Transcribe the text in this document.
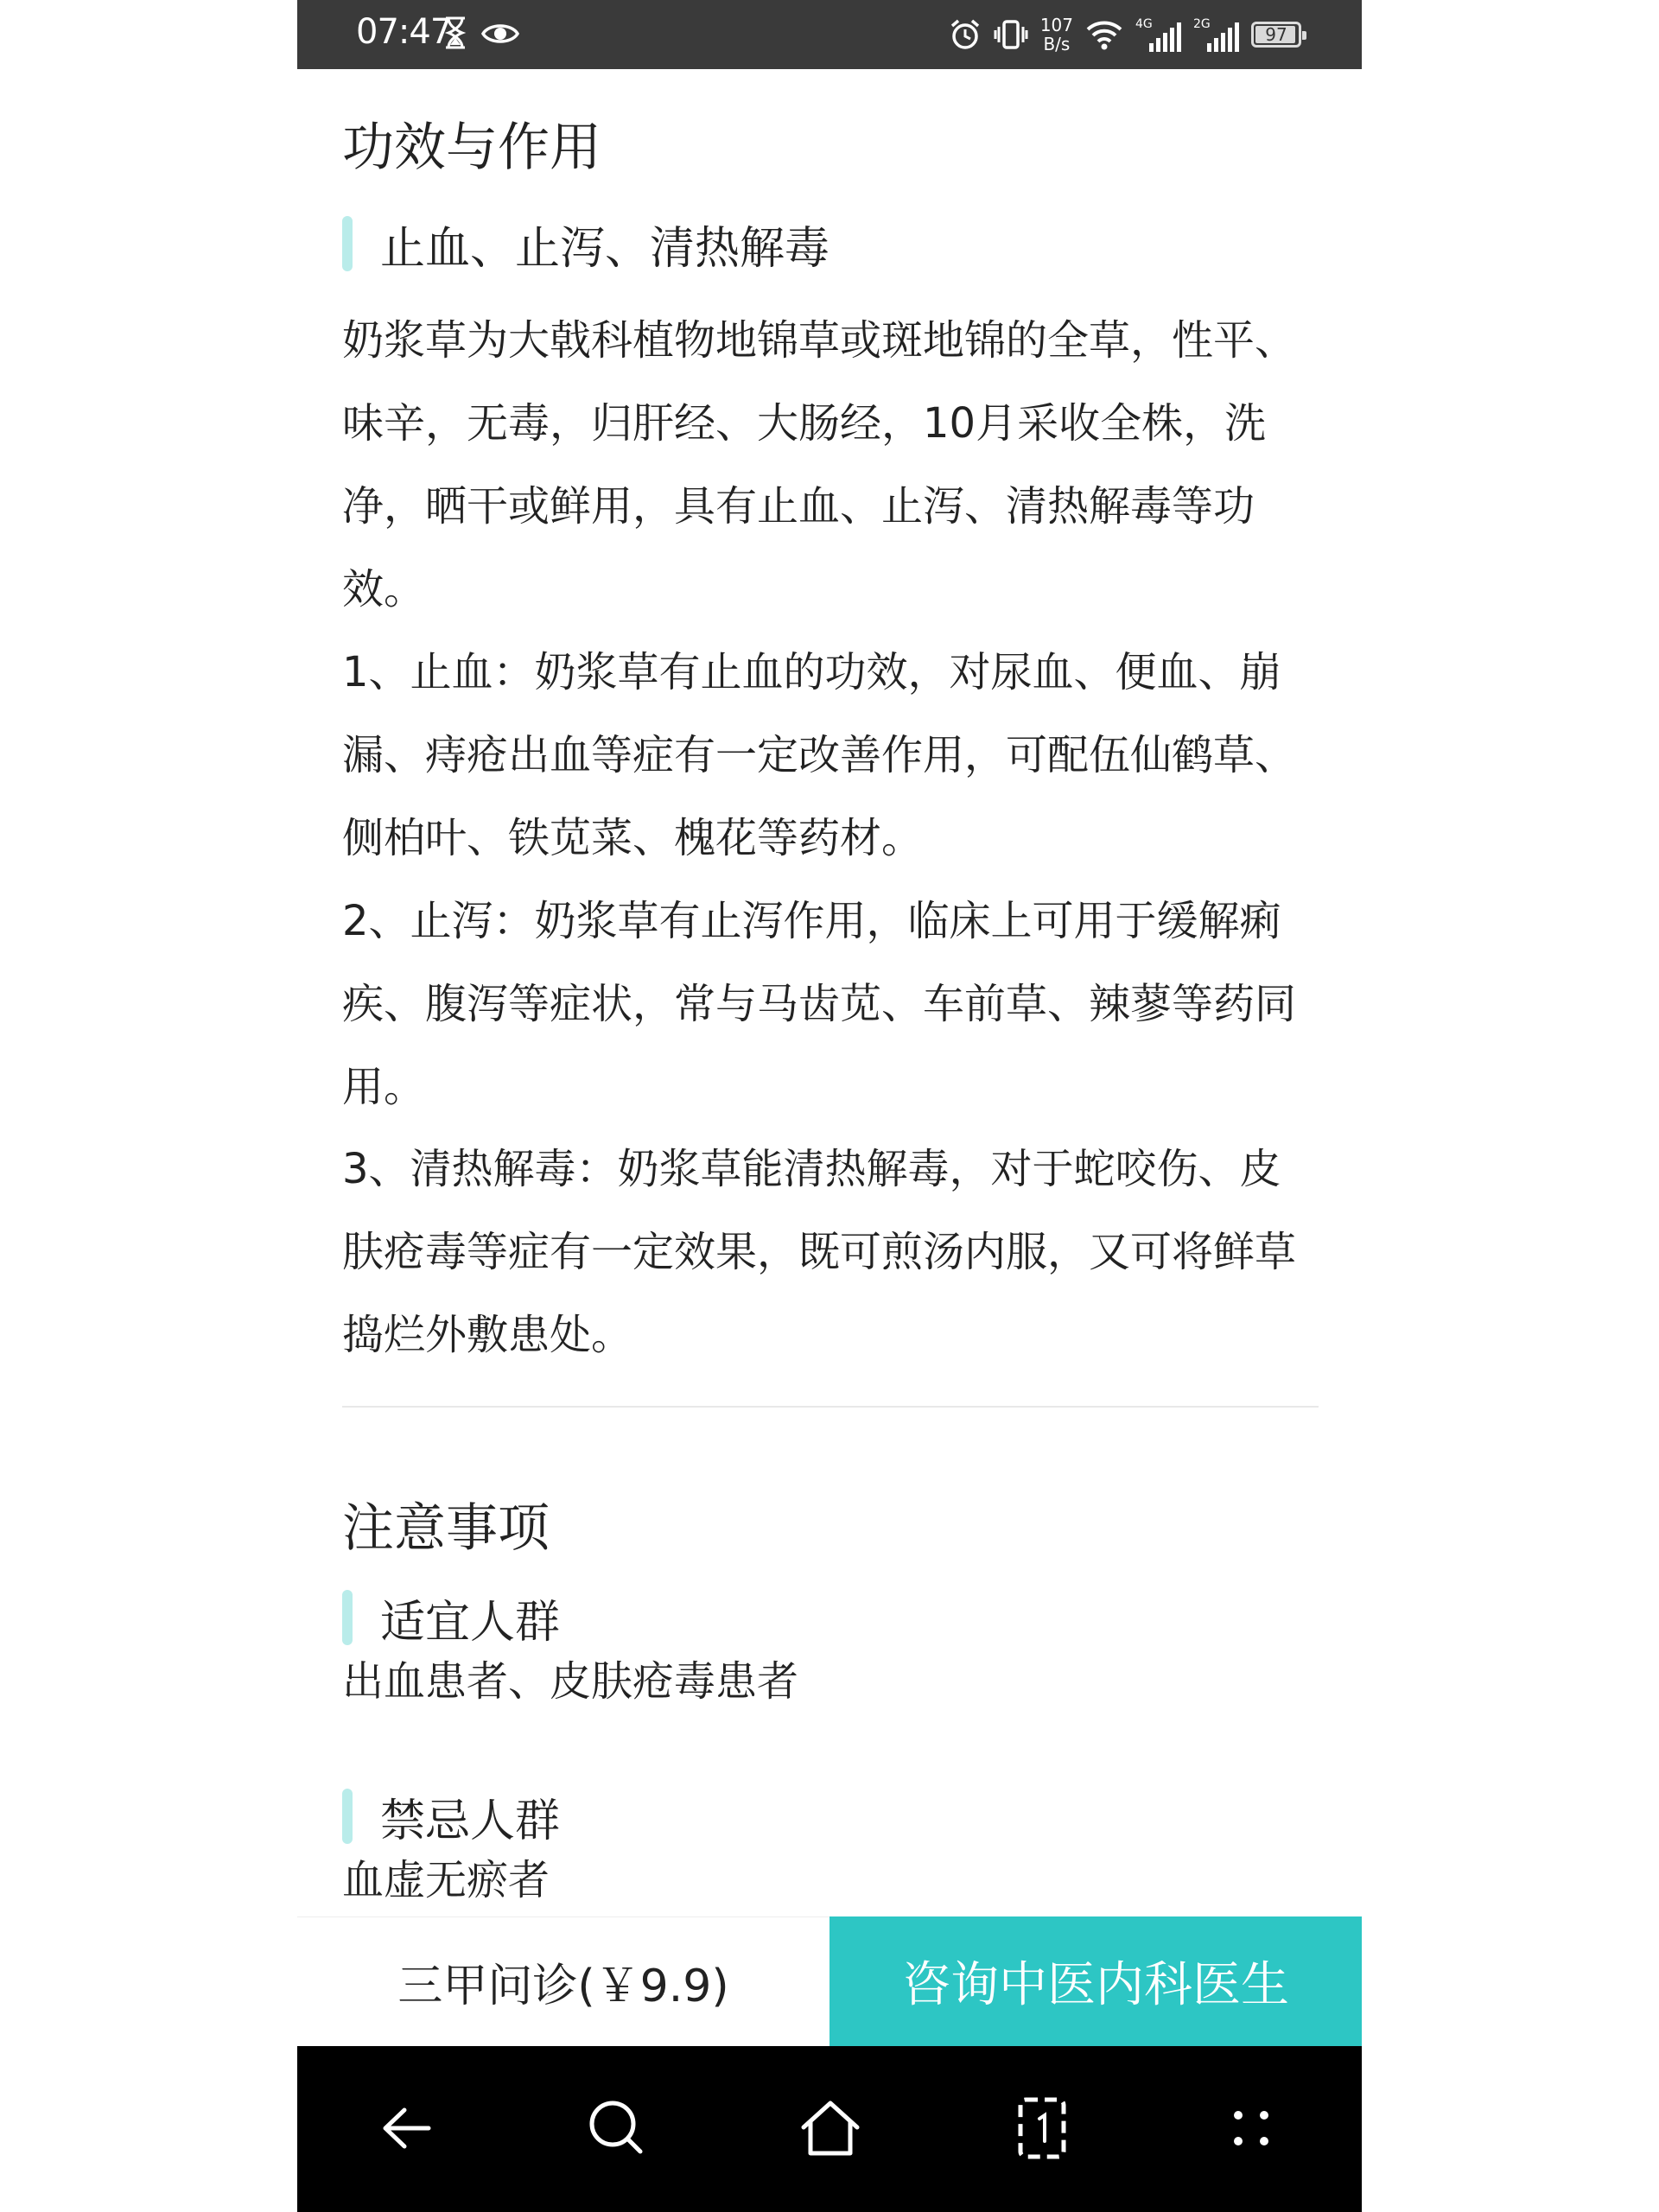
07:47	107
B/s
4G	2G	97
功效与作用
止血、止泻、清热解毒

奶浆草为大戟科植物地锦草或斑地锦的全草，性平、味辛，无毒，归肝经、大肠经，10月采收全株，洗净，晒干或鲜用，具有止血、止泻、清热解毒等功效。

1、止血：奶浆草有止血的功效，对尿血、便血、崩漏、痔疮出血等症有一定改善作用，可配伍仙鹤草、侧柏叶、铁苋菜、槐花等药材。

2、止泻：奶浆草有止泻作用，临床上可用于缓解痢疾、腹泻等症状，常与马齿苋、车前草、辣蓼等药同用。

3、清热解毒：奶浆草能清热解毒，对于蛇咬伤、皮肤疮毒等症有一定效果，既可煎汤内服，又可将鲜草捣烂外敷患处。

注意事项
适宜人群

出血患者、皮肤疮毒患者

禁忌人群

血虚无瘀者

三甲问诊(￥9.9)	咨询中医内科医生
